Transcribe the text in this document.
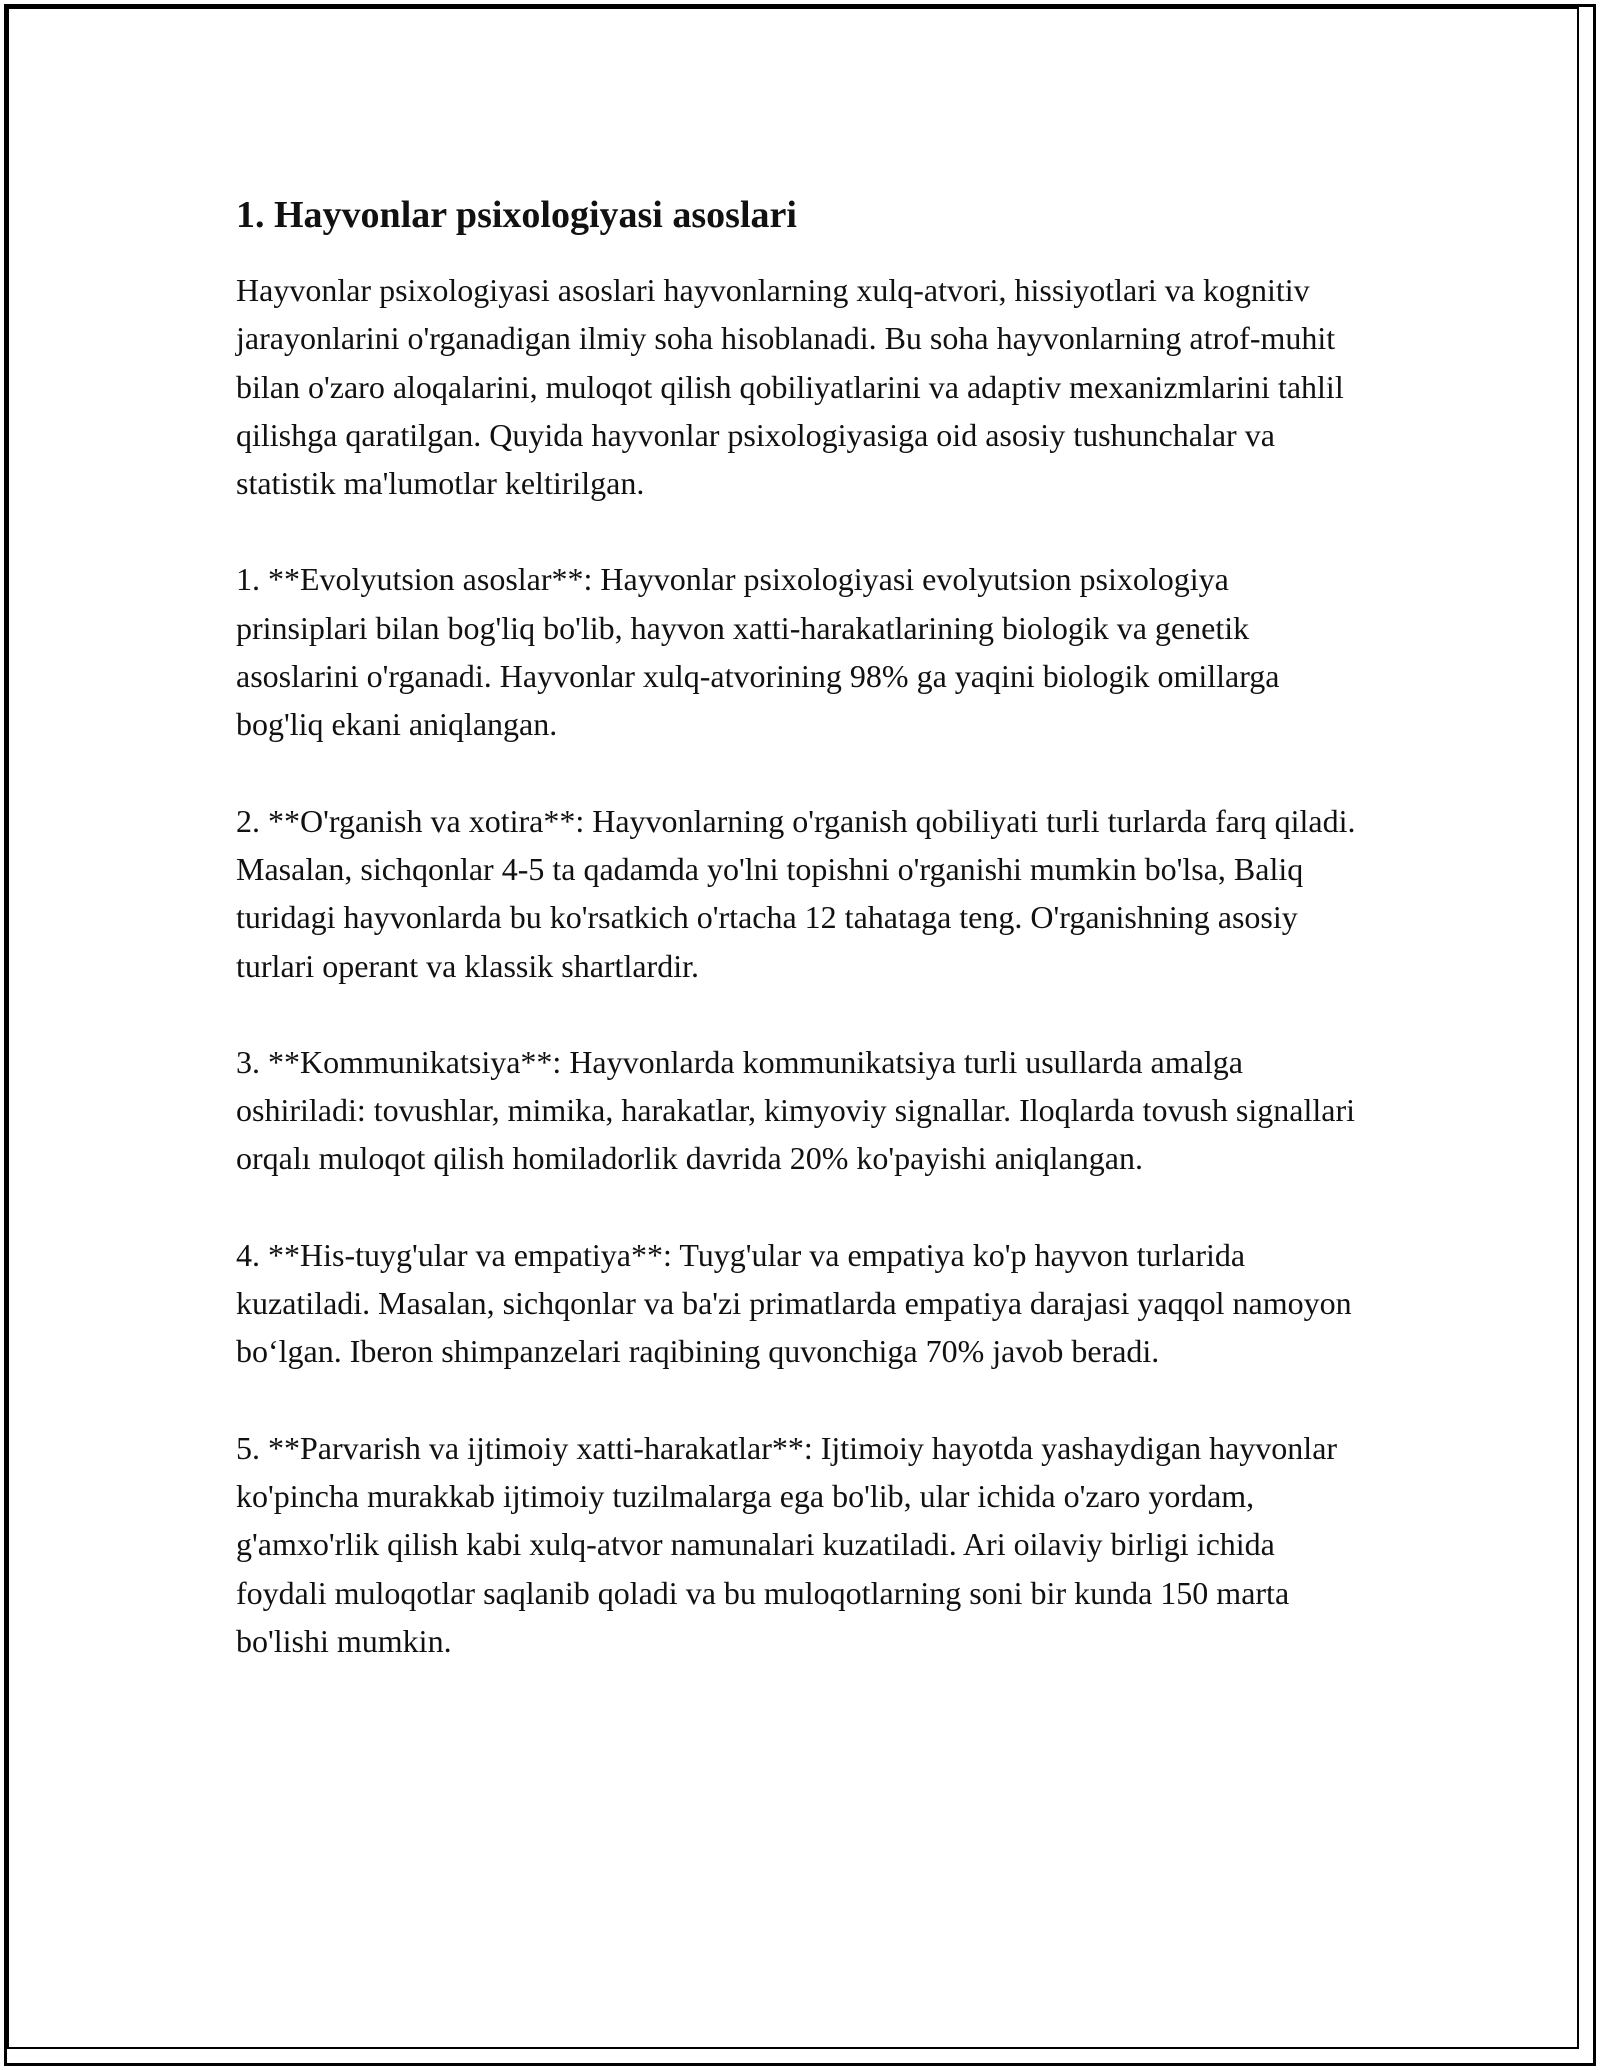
1. Hayvonlar psixologiyasi asoslari

Hayvonlar psixologiyasi asoslari hayvonlarning xulq-atvori, hissiyotlari va kognitiv jarayonlarini o'rganadigan ilmiy soha hisoblanadi. Bu soha hayvonlarning atrof-muhit bilan o'zaro aloqalarini, muloqot qilish qobiliyatlarini va adaptiv mexanizmlarini tahlil qilishga qaratilgan. Quyida hayvonlar psixologiyasiga oid asosiy tushunchalar va statistik ma'lumotlar keltirilgan.

1. **Evolyutsion asoslar**: Hayvonlar psixologiyasi evolyutsion psixologiya prinsiplari bilan bog'liq bo'lib, hayvon xatti-harakatlarining biologik va genetik asoslarini o'rganadi. Hayvonlar xulq-atvorining 98% ga yaqini biologik omillarga bog'liq ekani aniqlangan.

2. **O'rganish va xotira**: Hayvonlarning o'rganish qobiliyati turli turlarda farq qiladi. Masalan, sichqonlar 4-5 ta qadamda yo'lni topishni o'rganishi mumkin bo'lsa, Baliq turidagi hayvonlarda bu ko'rsatkich o'rtacha 12 tahataga teng. O'rganishning asosiy turlari operant va klassik shartlardir.

3. **Kommunikatsiya**: Hayvonlarda kommunikatsiya turli usullarda amalga oshiriladi: tovushlar, mimika, harakatlar, kimyoviy signallar. Iloqlarda tovush signallari orqalı muloqot qilish homiladorlik davrida 20% ko'payishi aniqlangan.

4. **His-tuyg'ular va empatiya**: Tuyg'ular va empatiya ko'p hayvon turlarida kuzatiladi. Masalan, sichqonlar va ba'zi primatlarda empatiya darajasi yaqqol namoyon bo‘lgan. Iberon shimpanzelari raqibining quvonchiga 70% javob beradi.

5. **Parvarish va ijtimoiy xatti-harakatlar**: Ijtimoiy hayotda yashaydigan hayvonlar ko'pincha murakkab ijtimoiy tuzilmalarga ega bo'lib, ular ichida o'zaro yordam, g'amxo'rlik qilish kabi xulq-atvor namunalari kuzatiladi. Ari oilaviy birligi ichida foydali muloqotlar saqlanib qoladi va bu muloqotlarning soni bir kunda 150 marta bo'lishi mumkin.
